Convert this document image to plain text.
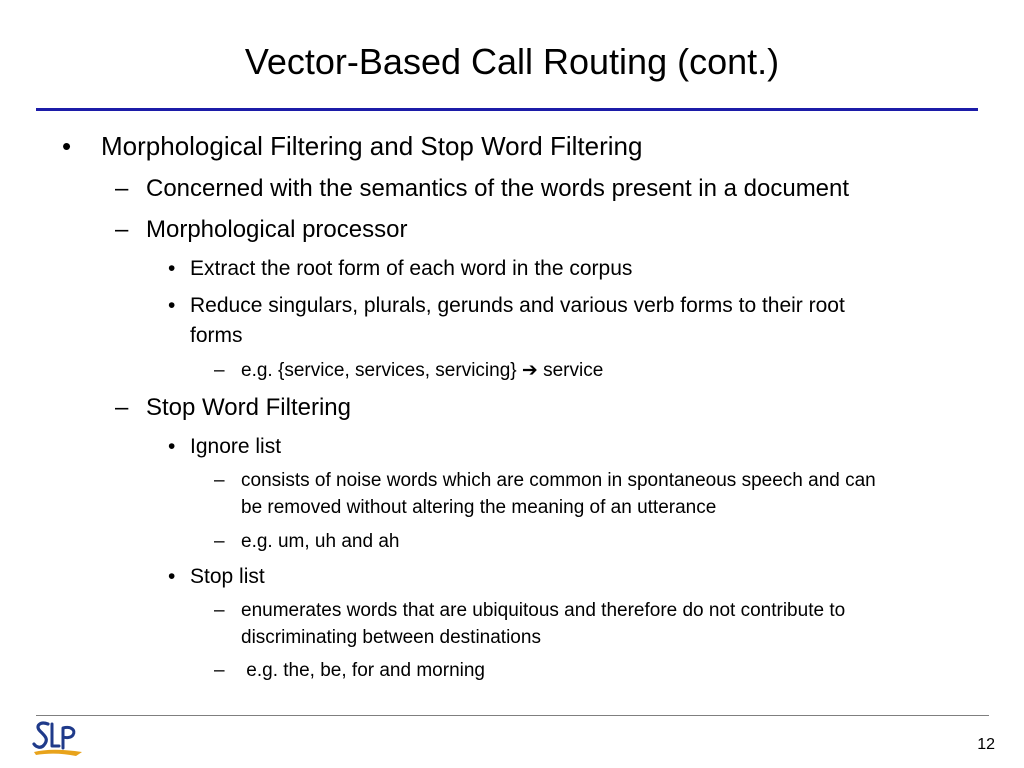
Vector-Based Call Routing (cont.)
• Morphological Filtering and Stop Word Filtering
– Concerned with the semantics of the words present in a document
– Morphological processor
• Extract the root form of each word in the corpus
• Reduce singulars, plurals, gerunds and various verb forms to their root
forms
– e.g. {service, services, servicing} ➔ service
– Stop Word Filtering
• Ignore list
– consists of noise words which are common in spontaneous speech and can
be removed without altering the meaning of an utterance
– e.g. um, uh and ah
• Stop list
– enumerates words that are ubiquitous and therefore do not contribute to
discriminating between destinations
– e.g. the, be, for and morning
12
